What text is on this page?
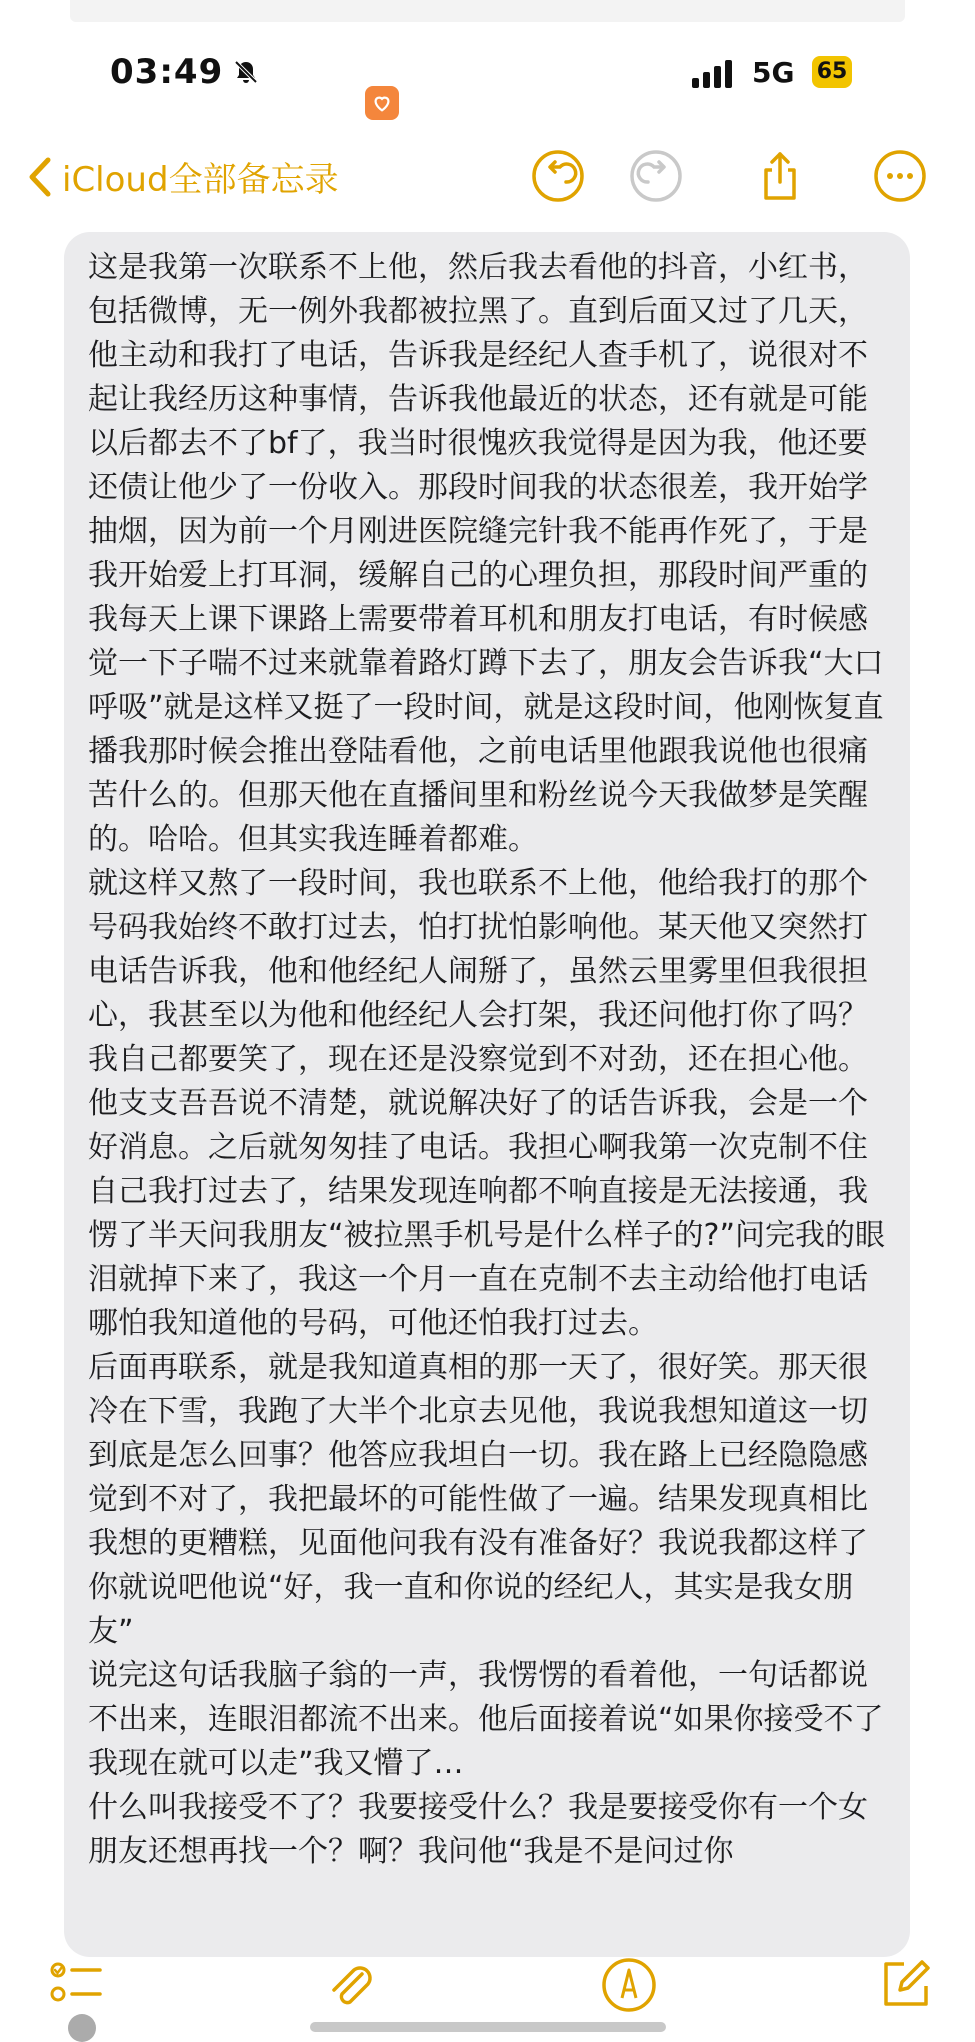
03:49	5G 65
iCloud全部备忘录

这是我第一次联系不上他，然后我去看他的抖音，小红书，包括微博，无一例外我都被拉黑了。直到后面又过了几天，他主动和我打了电话，告诉我是经纪人查手机了，说很对不起让我经历这种事情，告诉我他最近的状态，还有就是可能以后都去不了bf了，我当时很愧疚我觉得是因为我，他还要还债让他少了一份收入。那段时间我的状态很差，我开始学抽烟，因为前一个月刚进医院缝完针我不能再作死了，于是我开始爱上打耳洞，缓解自己的心理负担，那段时间严重的我每天上课下课路上需要带着耳机和朋友打电话，有时候感觉一下子喘不过来就靠着路灯蹲下去了，朋友会告诉我“大口呼吸”就是这样又挺了一段时间，就是这段时间，他刚恢复直播我那时候会推出登陆看他，之前电话里他跟我说他也很痛苦什么的。但那天他在直播间里和粉丝说今天我做梦是笑醒的。哈哈。但其实我连睡着都难。
就这样又熬了一段时间，我也联系不上他，他给我打的那个号码我始终不敢打过去，怕打扰怕影响他。某天他又突然打电话告诉我，他和他经纪人闹掰了，虽然云里雾里但我很担心，我甚至以为他和他经纪人会打架，我还问他打你了吗？我自己都要笑了，现在还是没察觉到不对劲，还在担心他。他支支吾吾说不清楚，就说解决好了的话告诉我，会是一个好消息。之后就匆匆挂了电话。我担心啊我第一次克制不住自己我打过去了，结果发现连响都不响直接是无法接通，我愣了半天问我朋友“被拉黑手机号是什么样子的?”问完我的眼泪就掉下来了，我这一个月一直在克制不去主动给他打电话哪怕我知道他的号码，可他还怕我打过去。
后面再联系，就是我知道真相的那一天了，很好笑。那天很冷在下雪，我跑了大半个北京去见他，我说我想知道这一切到底是怎么回事？他答应我坦白一切。我在路上已经隐隐感觉到不对了，我把最坏的可能性做了一遍。结果发现真相比我想的更糟糕，见面他问我有没有准备好？我说我都这样了你就说吧他说“好，我一直和你说的经纪人，其实是我女朋友”
说完这句话我脑子翁的一声，我愣愣的看着他，一句话都说不出来，连眼泪都流不出来。他后面接着说“如果你接受不了我现在就可以走”我又懵了…
什么叫我接受不了？我要接受什么？我是要接受你有一个女朋友还想再找一个？啊？我问他“我是不是问过你
